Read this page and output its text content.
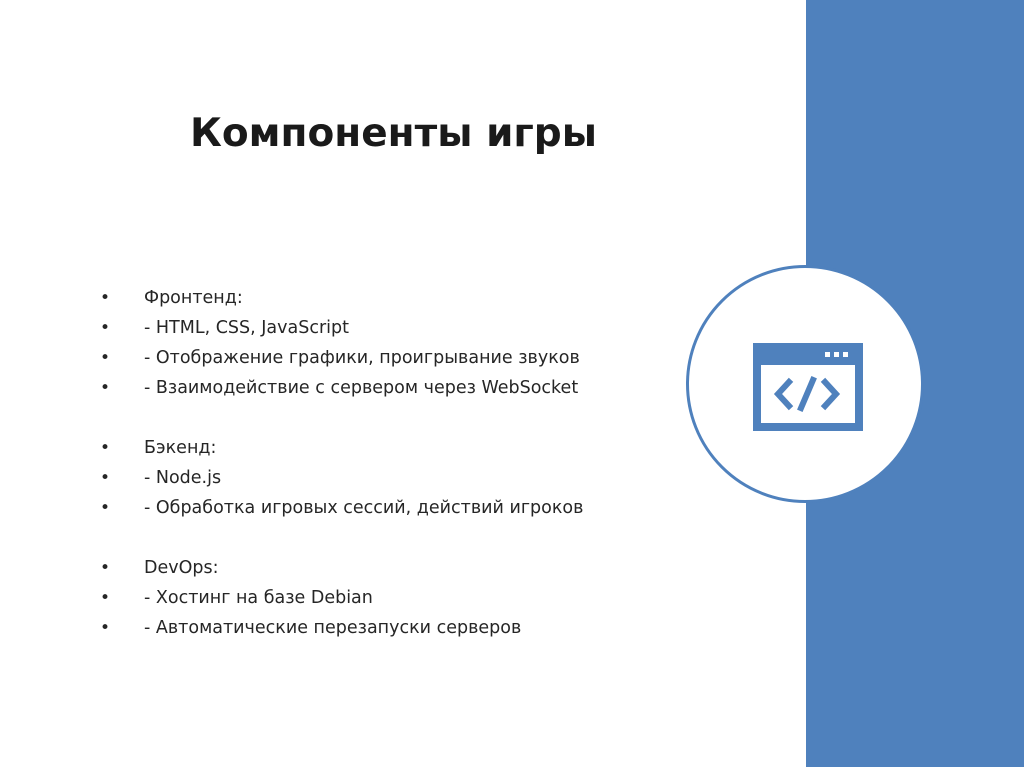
Компоненты игры
• Фронтенд:
• - HTML, CSS, JavaScript
• - Отображение графики, проигрывание звуков
• - Взаимодействие с сервером через WebSocket
• Бэкенд:
• - Node.js
• - Обработка игровых сессий, действий игроков
• DevOps:
• - Хостинг на базе Debian
• - Автоматические перезапуски серверов
